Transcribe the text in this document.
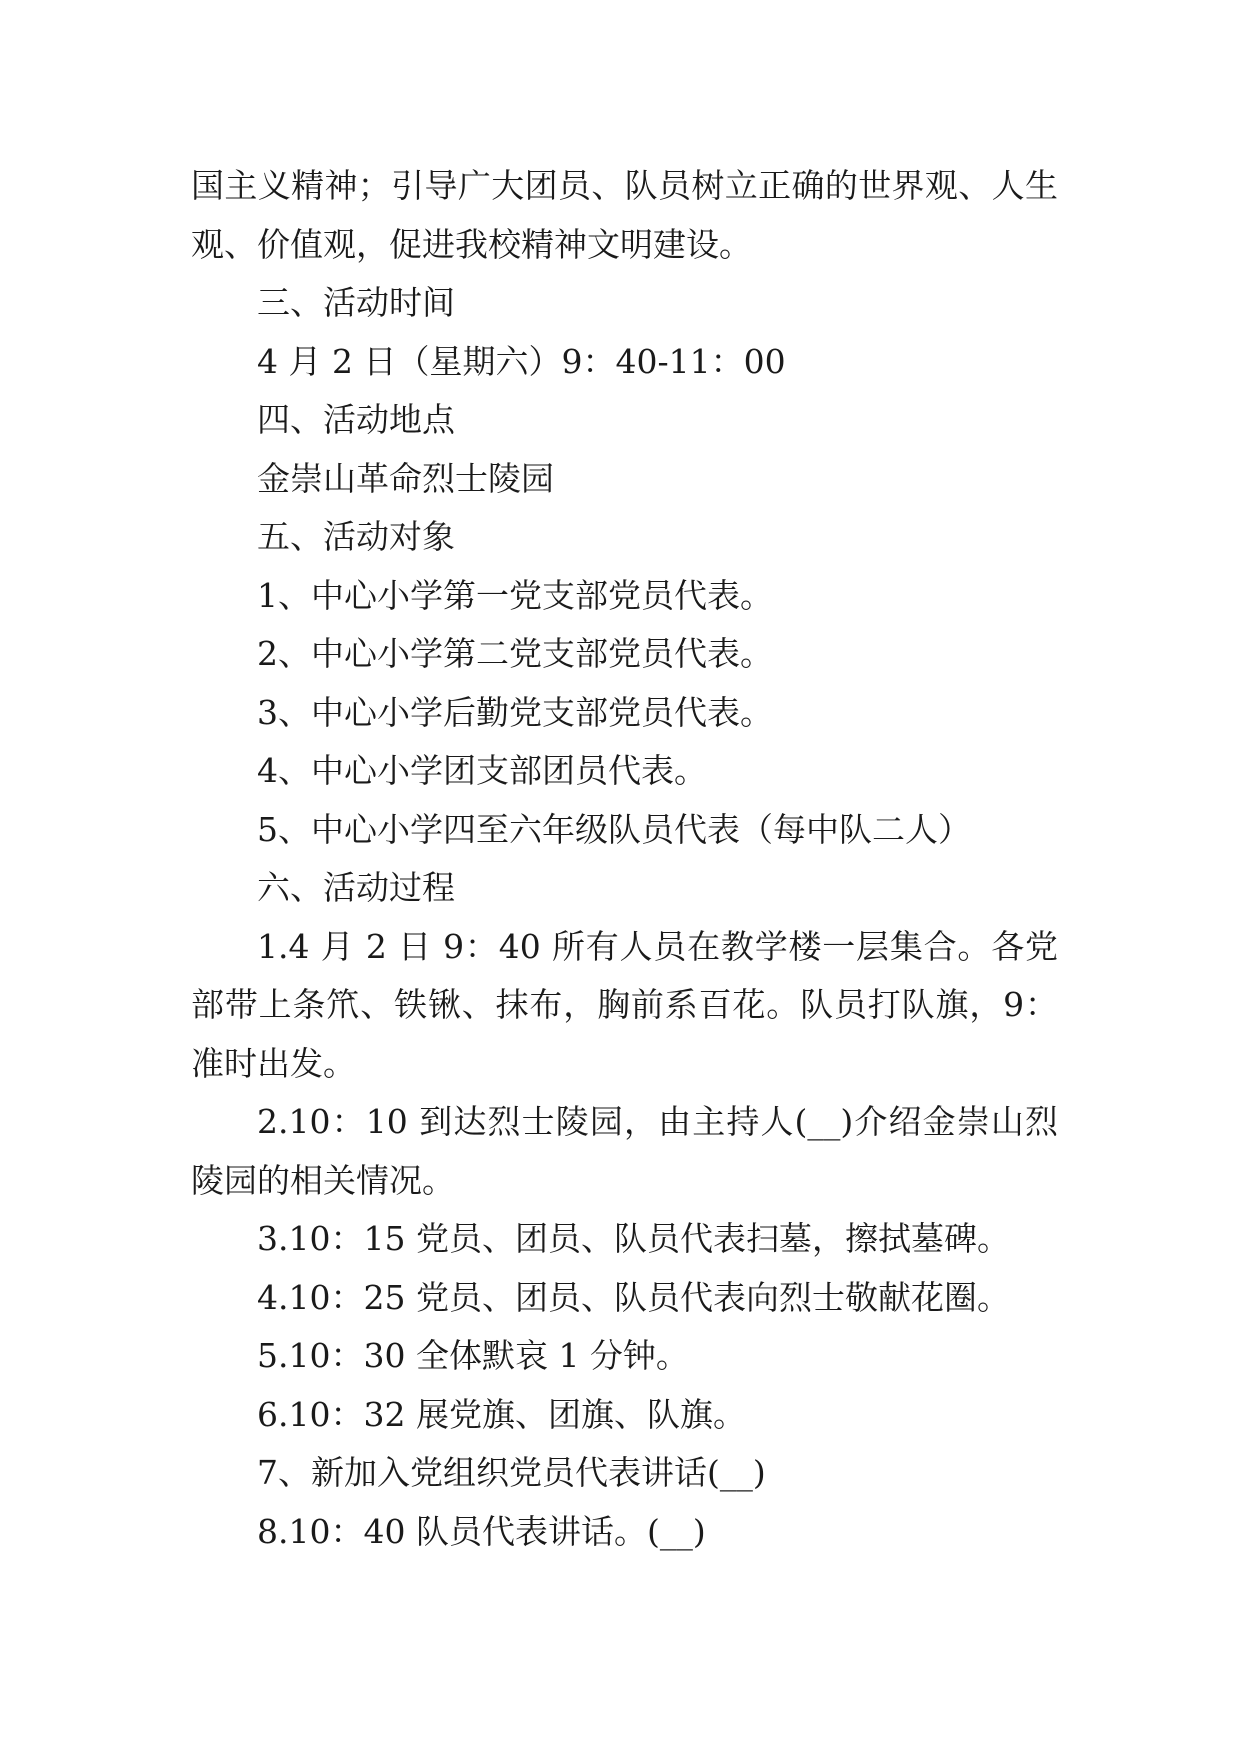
国主义精神；引导广大团员、队员树立正确的世界观、人生
观、价值观，促进我校精神文明建设。
三、活动时间
4 月 2 日（星期六）9：40-11：00
四、活动地点
金崇山革命烈士陵园
五、活动对象
1、中心小学第一党支部党员代表。
2、中心小学第二党支部党员代表。
3、中心小学后勤党支部党员代表。
4、中心小学团支部团员代表。
5、中心小学四至六年级队员代表（每中队二人）
六、活动过程
1.4 月 2 日 9：40 所有人员在教学楼一层集合。各党
部带上条笊、铁锹、抹布，胸前系百花。队员打队旗，9：
准时出发。
2.10：10 到达烈士陵园，由主持人(__)介绍金崇山烈
陵园的相关情况。
3.10：15 党员、团员、队员代表扫墓，擦拭墓碑。
4.10：25 党员、团员、队员代表向烈士敬献花圈。
5.10：30 全体默哀 1 分钟。
6.10：32 展党旗、团旗、队旗。
7、新加入党组织党员代表讲话(__)
8.10：40 队员代表讲话。(__)
